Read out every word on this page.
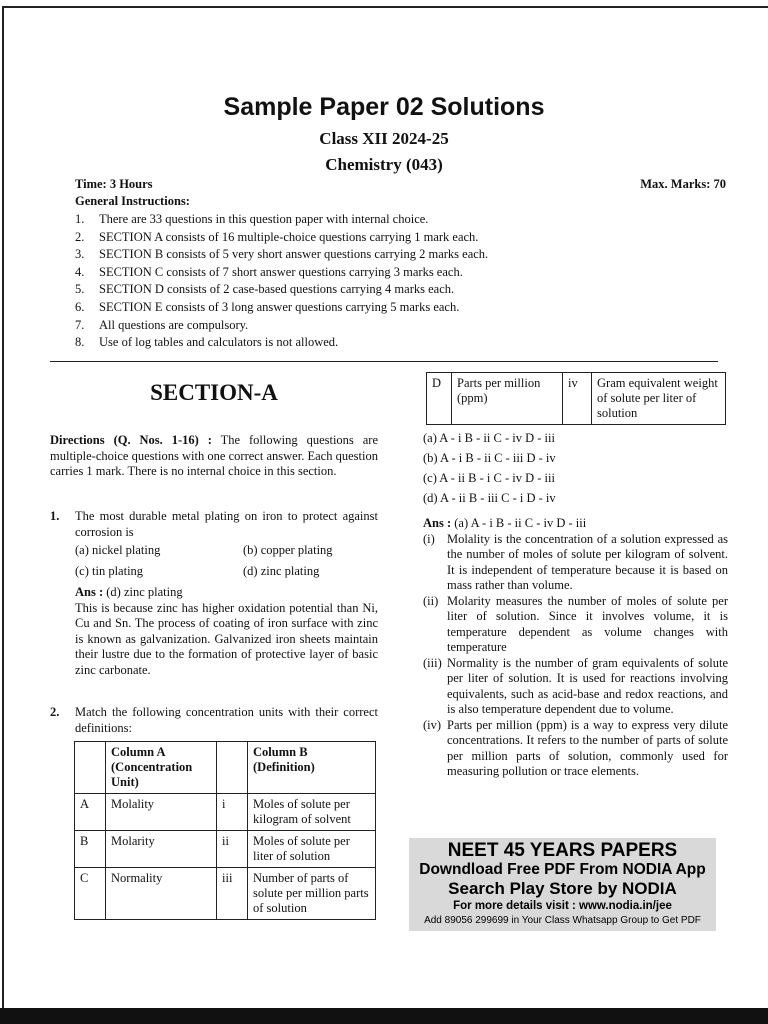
Sample Paper 02 Solutions
Class XII 2024-25
Chemistry (043)
Time: 3 Hours	Max. Marks: 70
General Instructions:
1.	There are 33 questions in this question paper with internal choice.
2.	SECTION A consists of 16 multiple-choice questions carrying 1 mark each.
3.	SECTION B consists of 5 very short answer questions carrying 2 marks each.
4.	SECTION C consists of 7 short answer questions carrying 3 marks each.
5.	SECTION D consists of 2 case-based questions carrying 4 marks each.
6.	SECTION E consists of 3 long answer questions carrying 5 marks each.
7.	All questions are compulsory.
8.	Use of log tables and calculators is not allowed.
SECTION-A
Directions (Q. Nos. 1-16) : The following questions are multiple-choice questions with one correct answer. Each question carries 1 mark. There is no internal choice in this section.
1. The most durable metal plating on iron to protect against corrosion is
(a) nickel plating	(b) copper plating
(c) tin plating	(d) zinc plating
Ans : (d) zinc plating
This is because zinc has higher oxidation potential than Ni, Cu and Sn. The process of coating of iron surface with zinc is known as galvanization. Galvanized iron sheets maintain their lustre due to the formation of protective layer of basic zinc carbonate.
2. Match the following concentration units with their correct definitions:
	Column A (Concentration Unit)		Column B (Definition)
A	Molality	i	Moles of solute per kilogram of solvent
B	Molarity	ii	Moles of solute per liter of solution
C	Normality	iii	Number of parts of solute per million parts of solution
D	Parts per million (ppm)	iv	Gram equivalent weight of solute per liter of solution
(a) A - i B - ii C - iv D - iii
(b) A - i B - ii C - iii D - iv
(c) A - ii B - i C - iv D - iii
(d) A - ii B - iii C - i D - iv
Ans : (a) A - i B - ii C - iv D - iii
(i) Molality is the concentration of a solution expressed as the number of moles of solute per kilogram of solvent. It is independent of temperature because it is based on mass rather than volume.
(ii) Molarity measures the number of moles of solute per liter of solution. Since it involves volume, it is temperature dependent as volume changes with temperature
(iii) Normality is the number of gram equivalents of solute per liter of solution. It is used for reactions involving equivalents, such as acid-base and redox reactions, and is also temperature dependent due to volume.
(iv) Parts per million (ppm) is a way to express very dilute concentrations. It refers to the number of parts of solute per million parts of solution, commonly used for measuring pollution or trace elements.
NEET 45 YEARS PAPERS
Downdload Free PDF From NODIA App
Search Play Store by NODIA
For more details visit : www.nodia.in/jee
Add 89056 299699 in Your Class Whatsapp Group to Get PDF
